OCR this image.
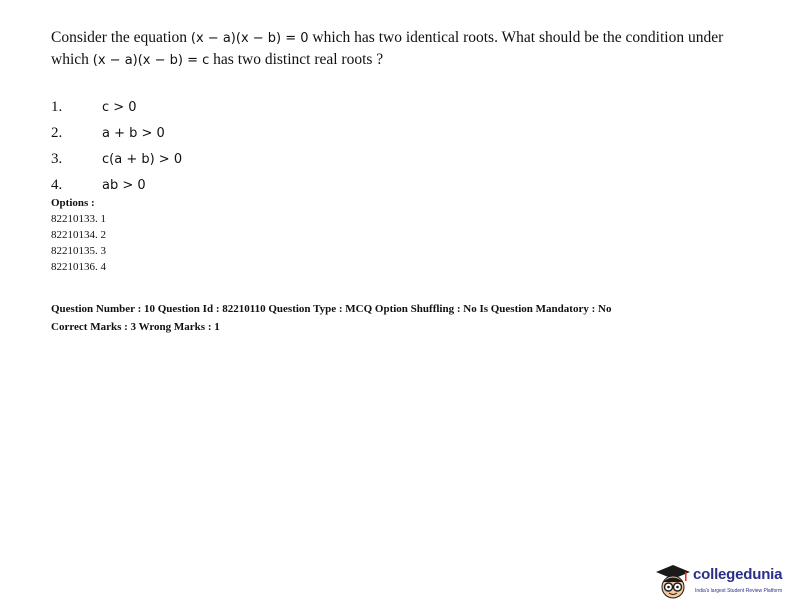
Consider the equation (x − a)(x − b) = 0 which has two identical roots. What should be the condition under which (x − a)(x − b) = c has two distinct real roots ?
1.	c > 0
2.	a + b > 0
3.	c(a + b) > 0
4.	ab > 0
Options :
82210133. 1
82210134. 2
82210135. 3
82210136. 4
Question Number : 10 Question Id : 82210110 Question Type : MCQ Option Shuffling : No Is Question Mandatory : No
Correct Marks : 3 Wrong Marks : 1
collegedunia
India's largest Student Review Platform
